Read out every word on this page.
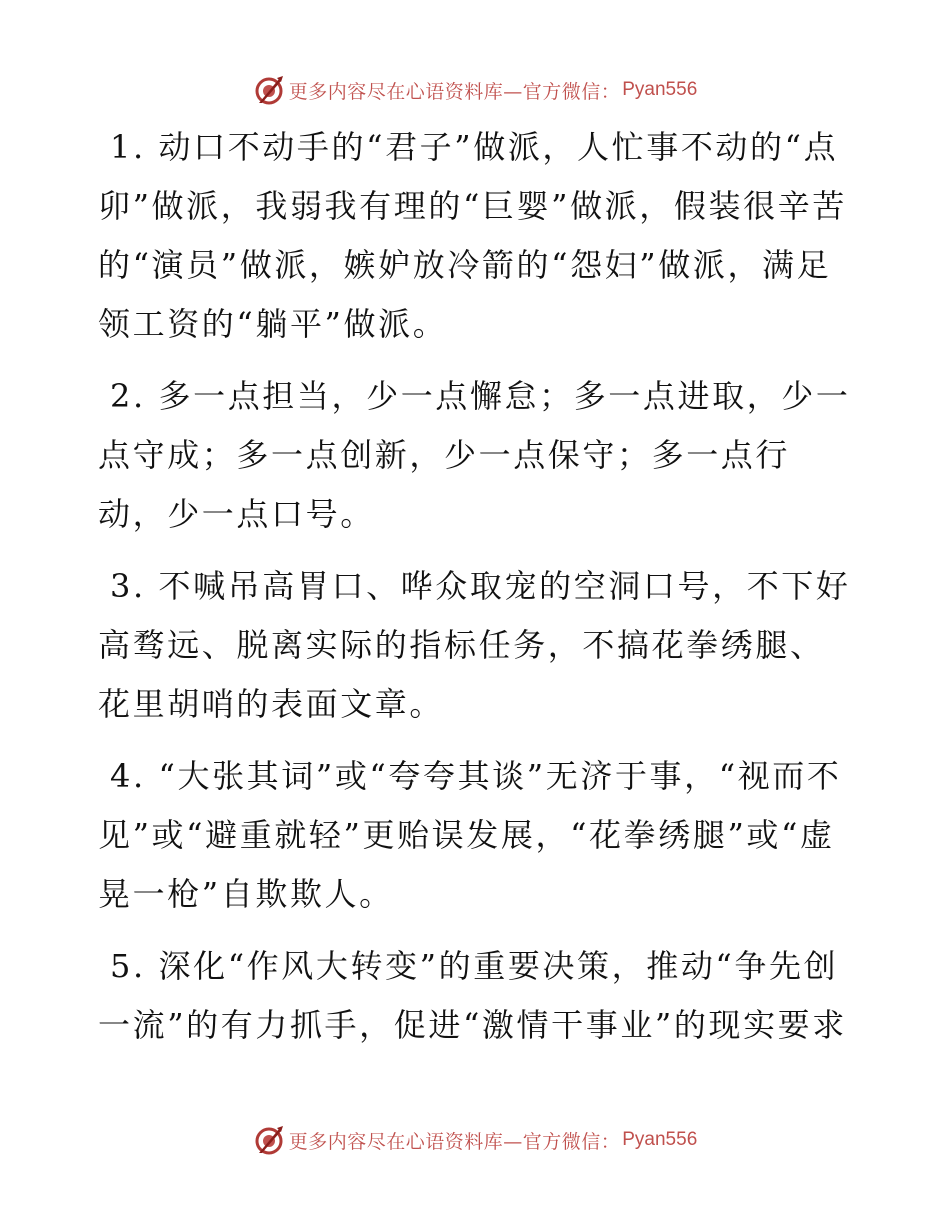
更多内容尽在心语资料库—官方微信： Pyan556

1. 动口不动手的“君子”做派，人忙事不动的“点卯”做派，我弱我有理的“巨婴”做派，假装很辛苦的“演员”做派，嫉妒放冷箭的“怨妇”做派，满足领工资的“躺平”做派。

2. 多一点担当，少一点懈怠；多一点进取，少一点守成；多一点创新，少一点保守；多一点行动，少一点口号。

3. 不喊吊高胃口、哗众取宠的空洞口号，不下好高骛远、脱离实际的指标任务，不搞花拳绣腿、花里胡哨的表面文章。

4. “大张其词”或“夸夸其谈”无济于事，“视而不见”或“避重就轻”更贻误发展，“花拳绣腿”或“虚晃一枪”自欺欺人。

5. 深化“作风大转变”的重要决策，推动“争先创一流”的有力抓手，促进“激情干事业”的现实要求

更多内容尽在心语资料库—官方微信： Pyan556
